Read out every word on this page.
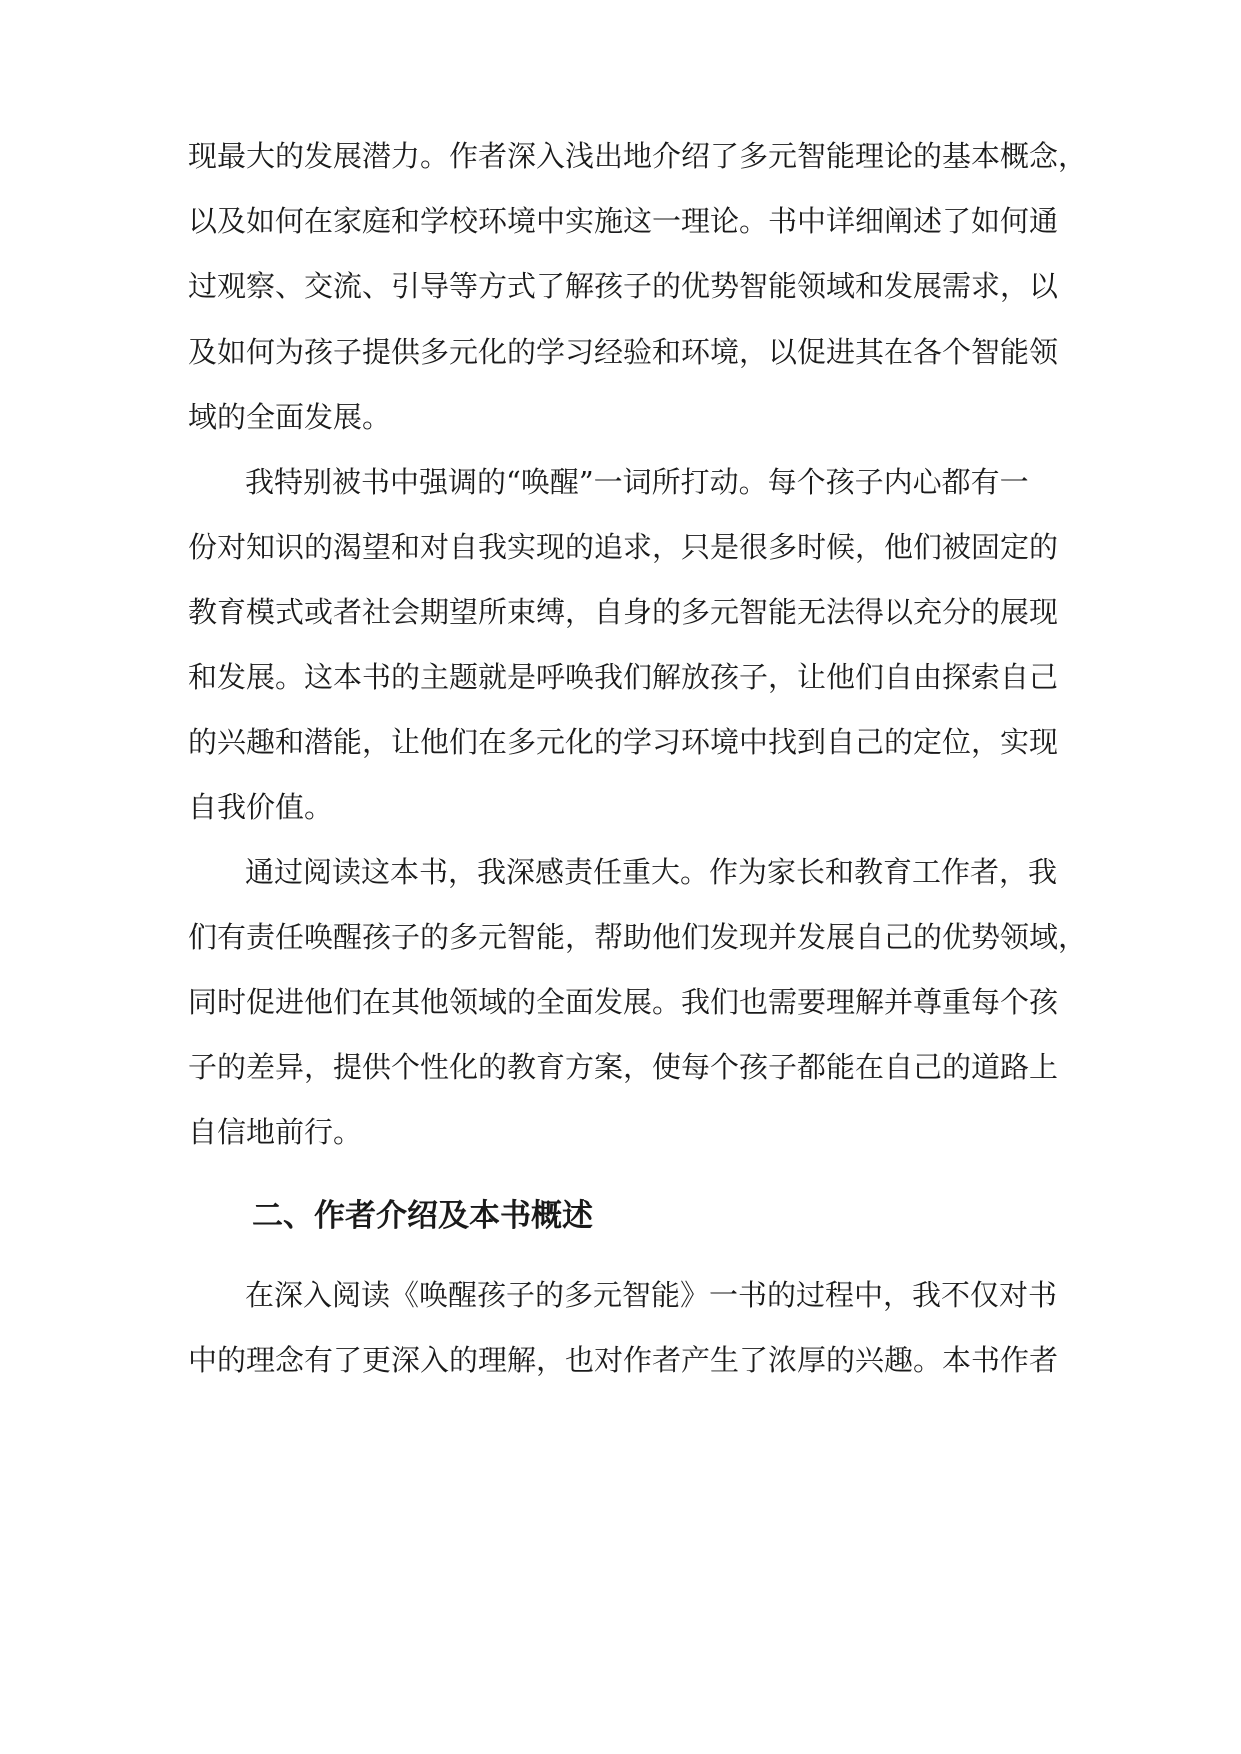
现最大的发展潜力。作者深入浅出地介绍了多元智能理论的基本概念，
以及如何在家庭和学校环境中实施这一理论。书中详细阐述了如何通
过观察、交流、引导等方式了解孩子的优势智能领域和发展需求，以
及如何为孩子提供多元化的学习经验和环境，以促进其在各个智能领
域的全面发展。
我特别被书中强调的“唤醒”一词所打动。每个孩子内心都有一
份对知识的渴望和对自我实现的追求，只是很多时候，他们被固定的
教育模式或者社会期望所束缚，自身的多元智能无法得以充分的展现
和发展。这本书的主题就是呼唤我们解放孩子，让他们自由探索自己
的兴趣和潜能，让他们在多元化的学习环境中找到自己的定位，实现
自我价值。
通过阅读这本书，我深感责任重大。作为家长和教育工作者，我
们有责任唤醒孩子的多元智能，帮助他们发现并发展自己的优势领域，
同时促进他们在其他领域的全面发展。我们也需要理解并尊重每个孩
子的差异，提供个性化的教育方案，使每个孩子都能在自己的道路上
自信地前行。
二、作者介绍及本书概述
在深入阅读《唤醒孩子的多元智能》一书的过程中，我不仅对书
中的理念有了更深入的理解，也对作者产生了浓厚的兴趣。本书作者
